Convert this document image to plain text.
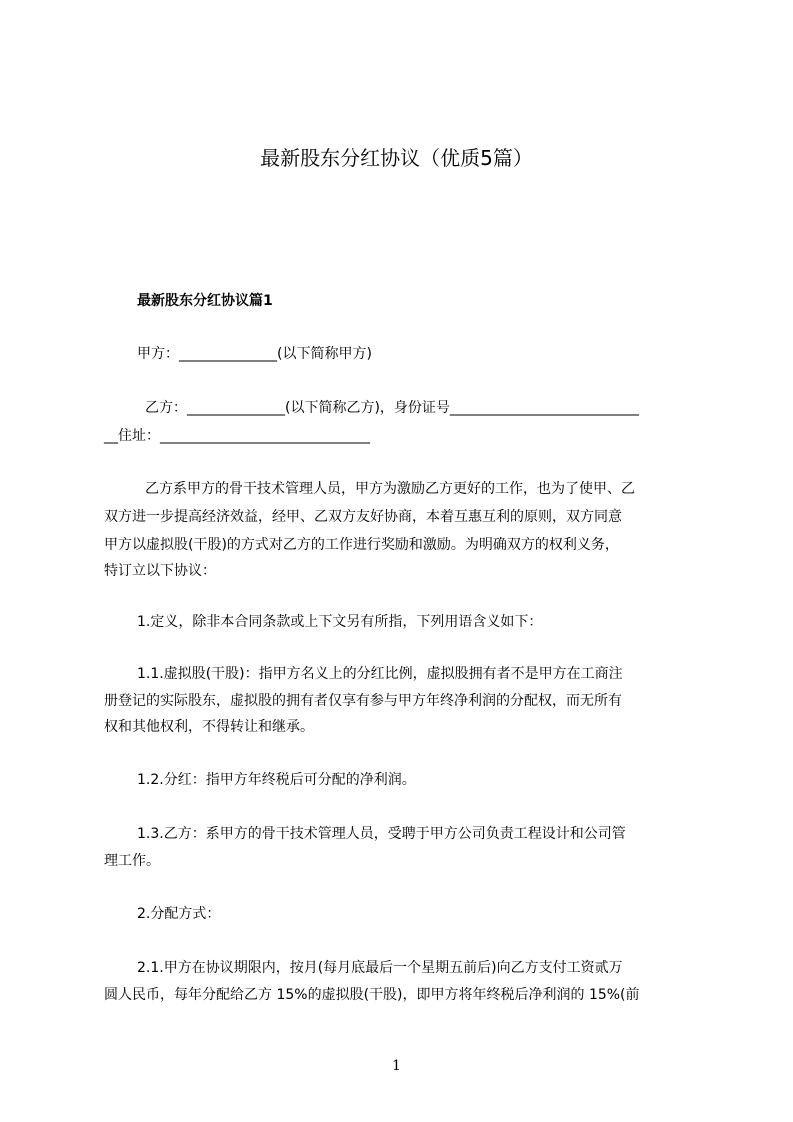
最新股东分红协议（优质5篇）
最新股东分红协议篇1
甲方：______________(以下简称甲方)
乙方：______________(以下简称乙方)，身份证号___________________________
__住址：______________________________
乙方系甲方的骨干技术管理人员，甲方为激励乙方更好的工作，也为了使甲、乙
双方进一步提高经济效益，经甲、乙双方友好协商，本着互惠互利的原则，双方同意
甲方以虚拟股(干股)的方式对乙方的工作进行奖励和激励。为明确双方的权利义务，
特订立以下协议：
1.定义，除非本合同条款或上下文另有所指，下列用语含义如下：
1.1.虚拟股(干股)：指甲方名义上的分红比例，虚拟股拥有者不是甲方在工商注
册登记的实际股东，虚拟股的拥有者仅享有参与甲方年终净利润的分配权，而无所有
权和其他权利，不得转让和继承。
1.2.分红：指甲方年终税后可分配的净利润。
1.3.乙方：系甲方的骨干技术管理人员，受聘于甲方公司负责工程设计和公司管
理工作。
2.分配方式：
2.1.甲方在协议期限内，按月(每月底最后一个星期五前后)向乙方支付工资贰万
圆人民币，每年分配给乙方 15%的虚拟股(干股)，即甲方将年终税后净利润的 15%(前
1
